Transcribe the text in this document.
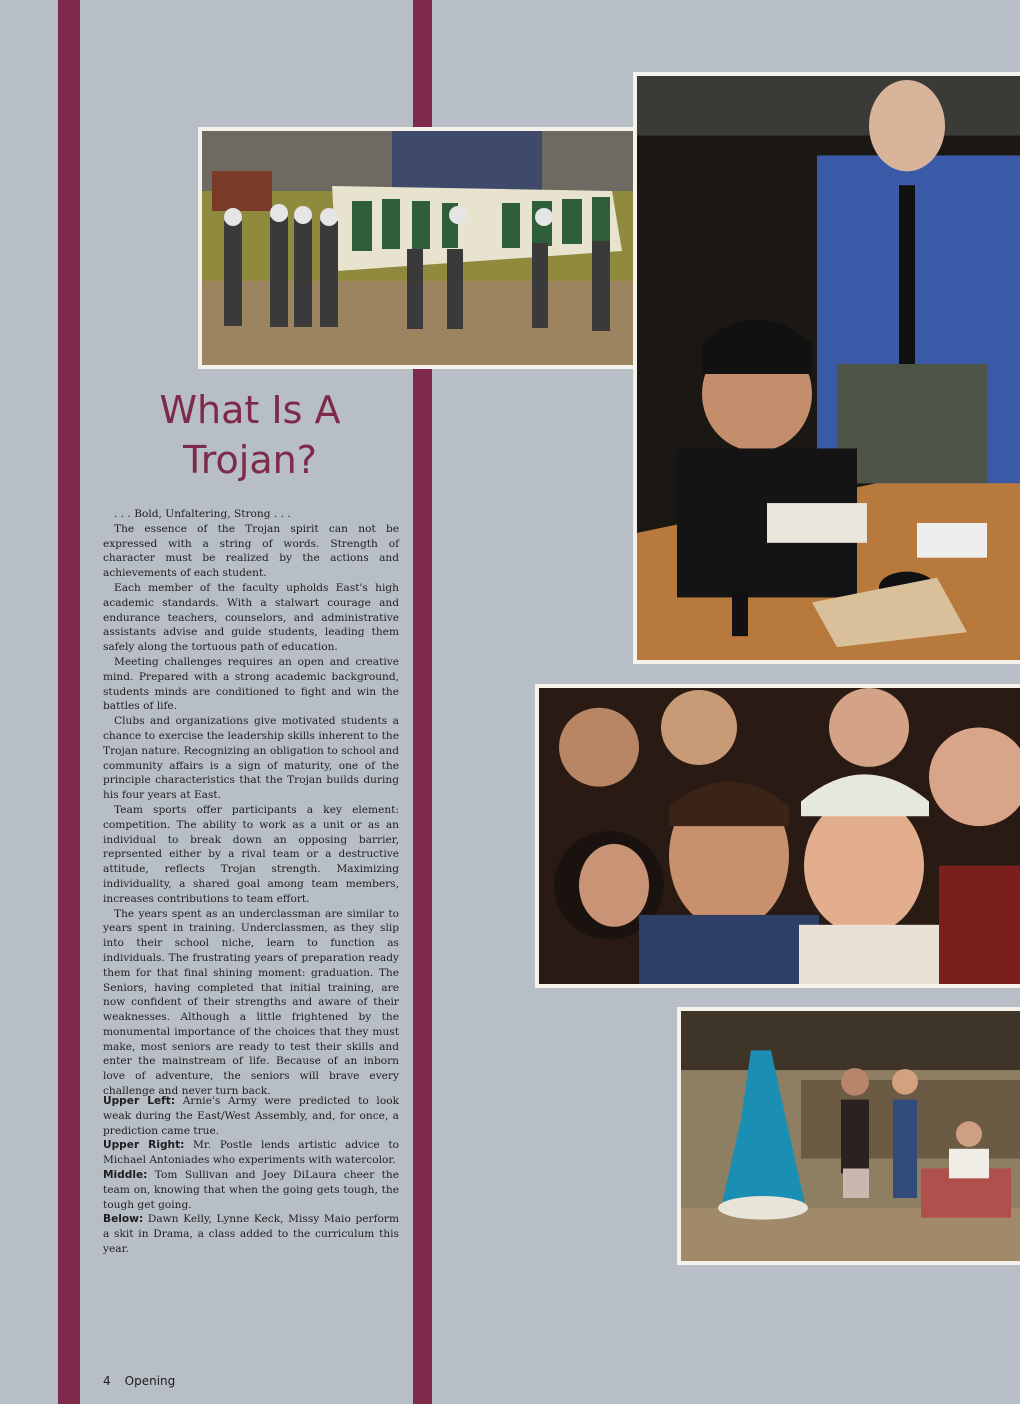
What Is A
Trojan?

. . . Bold, Unfaltering, Strong . . .

The essence of the Trojan spirit can not be expressed with a string of words. Strength of character must be realized by the actions and achievements of each student.

Each member of the faculty upholds East's high academic standards. With a stalwart courage and endurance teachers, counselors, and administrative assistants advise and guide students, leading them safely along the tortuous path of education.

Meeting challenges requires an open and creative mind. Prepared with a strong academic background, students minds are conditioned to fight and win the battles of life.

Clubs and organizations give motivated students a chance to exercise the leadership skills inherent to the Trojan nature. Recognizing an obligation to school and community affairs is a sign of maturity, one of the principle characteristics that the Trojan builds during his four years at East.

Team sports offer participants a key element: competition. The ability to work as a unit or as an individual to break down an opposing barrier, reprsented either by a rival team or a destructive attitude, reflects Trojan strength. Maximizing individuality, a shared goal among team members, increases contributions to team effort.

The years spent as an underclassman are similar to years spent in training. Underclassmen, as they slip into their school niche, learn to function as individuals. The frustrating years of preparation ready them for that final shining moment: graduation. The Seniors, having completed that initial training, are now confident of their strengths and aware of their weaknesses. Although a little frightened by the monumental importance of the choices that they must make, most seniors are ready to test their skills and enter the mainstream of life. Because of an inborn love of adventure, the seniors will brave every challenge and never turn back.

Upper Left: Arnie's Army were predicted to look weak during the East/West Assembly, and, for once, a prediction came true.

Upper Right: Mr. Postle lends artistic advice to Michael Antoniades who experiments with watercolor.

Middle: Tom Sullivan and Joey DiLaura cheer the team on, knowing that when the going gets tough, the tough get going.

Below: Dawn Kelly, Lynne Keck, Missy Maio perform a skit in Drama, a class added to the curriculum this year.

4 Opening
